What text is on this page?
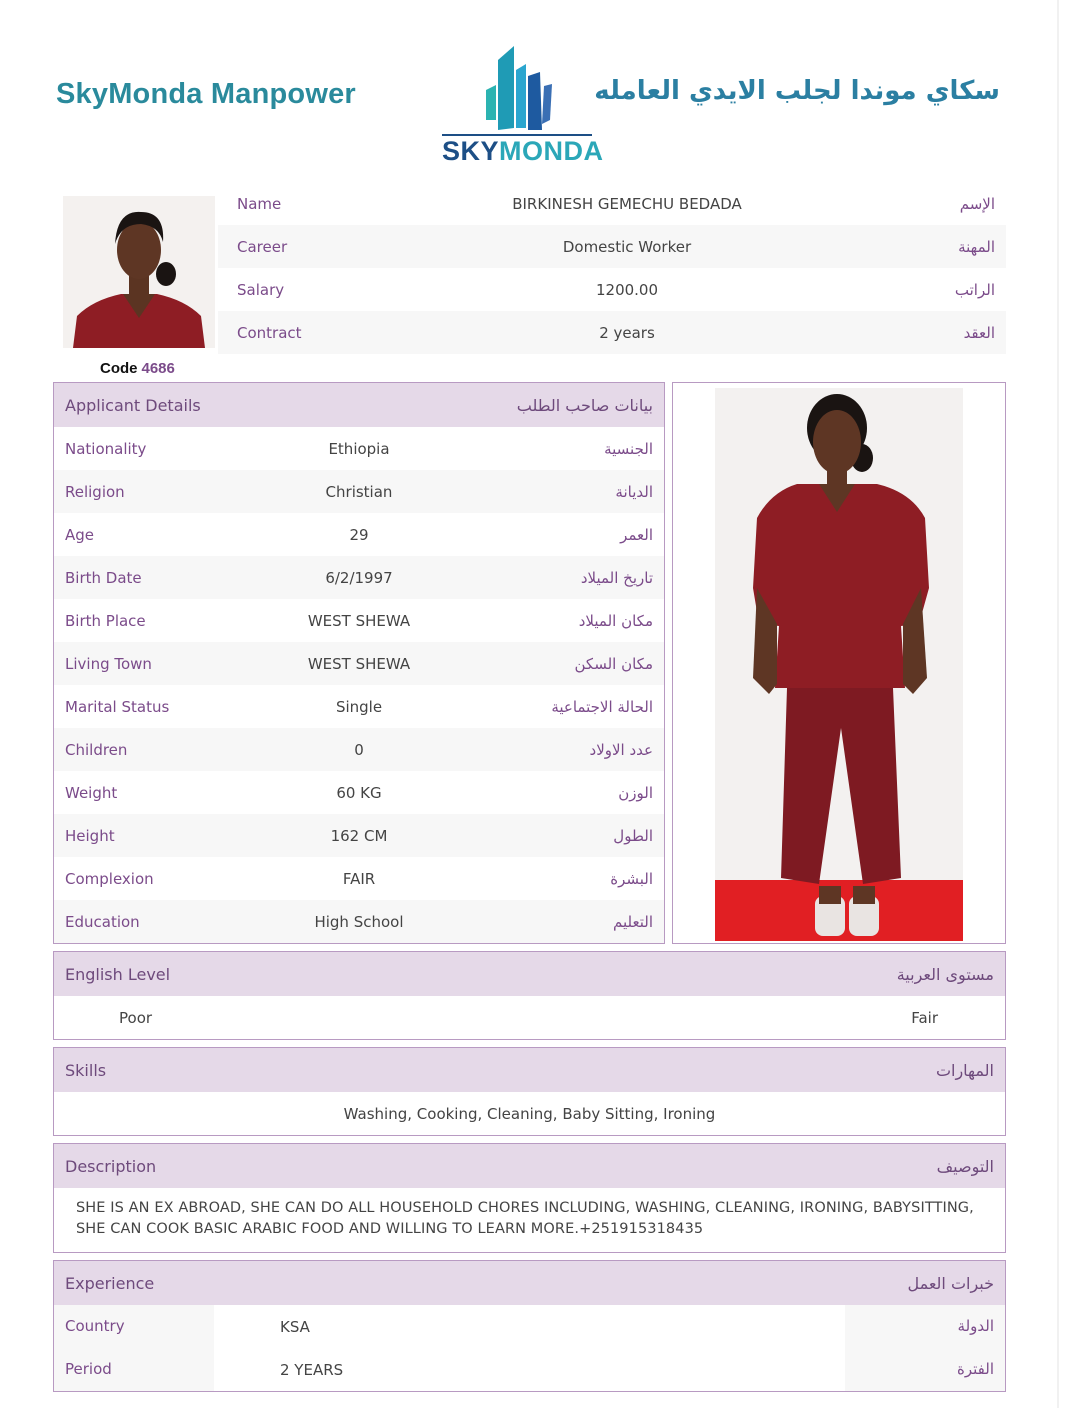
SkyMonda Manpower
SKYMONDA
سكاي موندا لجلب الايدي العامله
Code 4686
Name	BIRKINESH GEMECHU BEDADA	الإسم
Career	Domestic Worker	المهنة
Salary	1200.00	الراتب
Contract	2 years	العقد
Applicant Details	بيانات صاحب الطلب
Nationality	Ethiopia	الجنسية
Religion	Christian	الديانة
Age	29	العمر
Birth Date	6/2/1997	تاريخ الميلاد
Birth Place	WEST SHEWA	مكان الميلاد
Living Town	WEST SHEWA	مكان السكن
Marital Status	Single	الحالة الاجتماعية
Children	0	عدد الاولاد
Weight	60 KG	الوزن
Height	162 CM	الطول
Complexion	FAIR	البشرة
Education	High School	التعليم
English Level	مستوى العربية
Poor	Fair
Skills	المهارات
Washing, Cooking, Cleaning, Baby Sitting, Ironing
Description	التوصيف
SHE IS AN EX ABROAD, SHE CAN DO ALL HOUSEHOLD CHORES INCLUDING, WASHING, CLEANING, IRONING, BABYSITTING, SHE CAN COOK BASIC ARABIC FOOD AND WILLING TO LEARN MORE.+251915318435
Experience	خبرات العمل
Country	KSA	الدولة
Period	2 YEARS	الفترة
